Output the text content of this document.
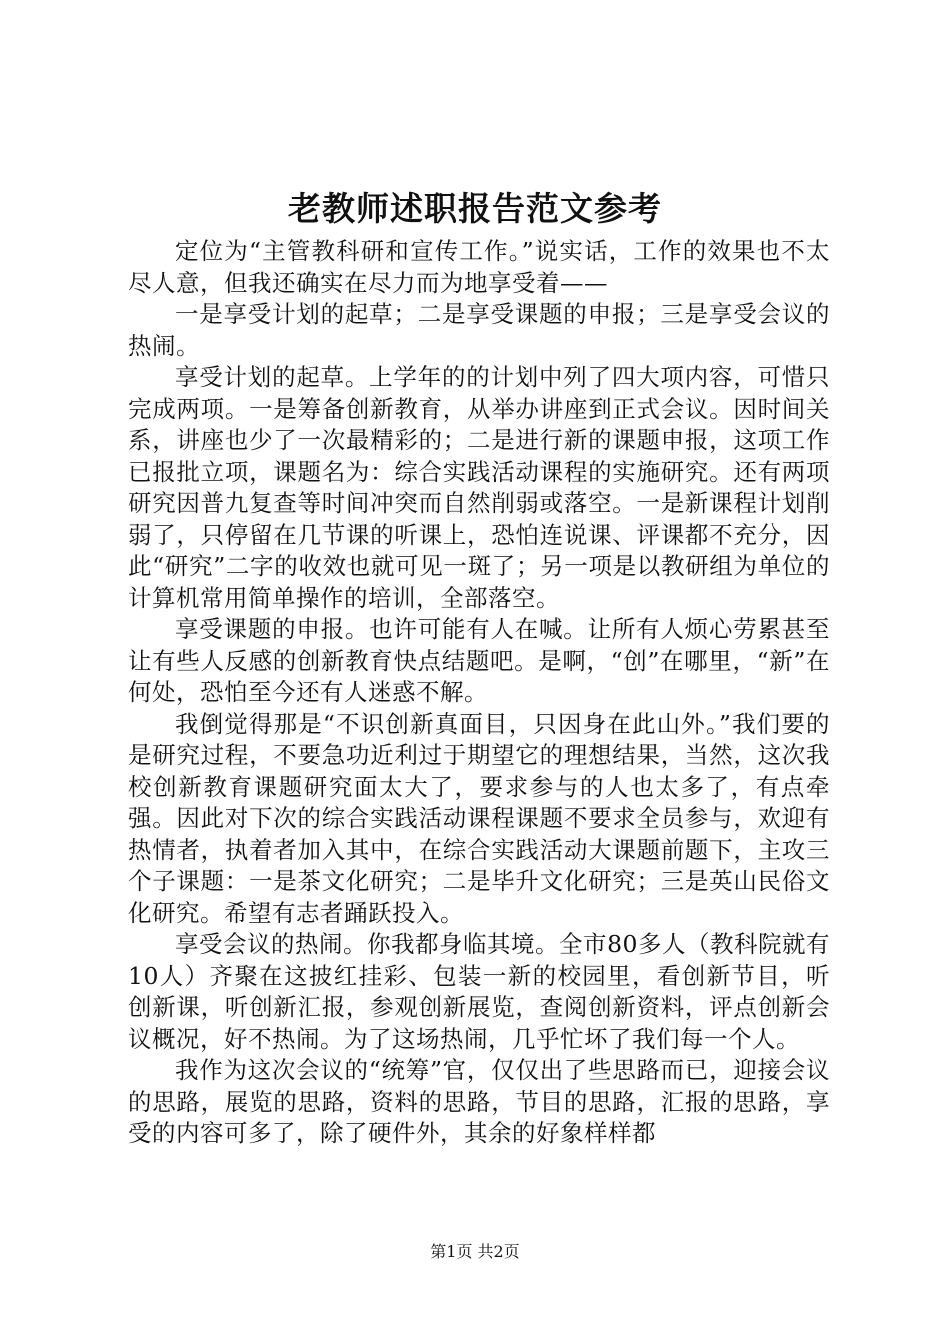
老教师述职报告范文参考

定位为“主管教科研和宣传工作。”说实话，工作的效果也不太尽人意，但我还确实在尽力而为地享受着——

一是享受计划的起草；二是享受课题的申报；三是享受会议的热闹。

享受计划的起草。上学年的的计划中列了四大项内容，可惜只完成两项。一是筹备创新教育，从举办讲座到正式会议。因时间关系，讲座也少了一次最精彩的；二是进行新的课题申报，这项工作已报批立项，课题名为：综合实践活动课程的实施研究。还有两项研究因普九复查等时间冲突而自然削弱或落空。一是新课程计划削弱了，只停留在几节课的听课上，恐怕连说课、评课都不充分，因此“研究”二字的收效也就可见一斑了；另一项是以教研组为单位的计算机常用简单操作的培训，全部落空。

享受课题的申报。也许可能有人在喊。让所有人烦心劳累甚至让有些人反感的创新教育快点结题吧。是啊，“创”在哪里，“新”在何处，恐怕至今还有人迷惑不解。

我倒觉得那是“不识创新真面目，只因身在此山外。”我们要的是研究过程，不要急功近利过于期望它的理想结果，当然，这次我校创新教育课题研究面太大了，要求参与的人也太多了，有点牵强。因此对下次的综合实践活动课程课题不要求全员参与，欢迎有热情者，执着者加入其中，在综合实践活动大课题前题下，主攻三个子课题：一是茶文化研究；二是毕升文化研究；三是英山民俗文化研究。希望有志者踊跃投入。

享受会议的热闹。你我都身临其境。全市80多人（教科院就有10人）齐聚在这披红挂彩、包装一新的校园里，看创新节目，听创新课，听创新汇报，参观创新展览，查阅创新资料，评点创新会议概况，好不热闹。为了这场热闹，几乎忙坏了我们每一个人。

我作为这次会议的“统筹”官，仅仅出了些思路而已，迎接会议的思路，展览的思路，资料的思路，节目的思路，汇报的思路，享受的内容可多了，除了硬件外，其余的好象样样都

第1页 共2页
